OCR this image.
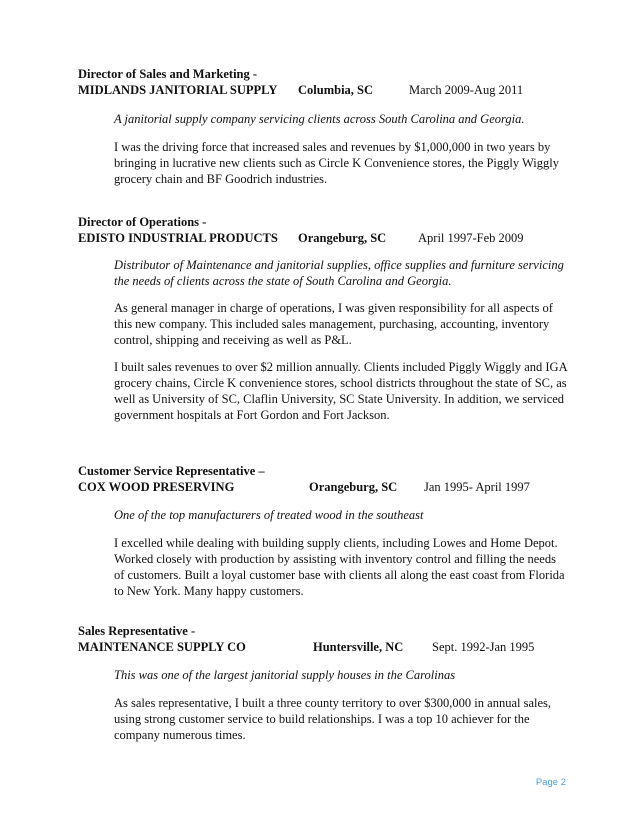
Director of Sales and Marketing -
MIDLANDS JANITORIAL SUPPLY Columbia, SC	March 2009-Aug 2011
A janitorial supply company servicing clients across South Carolina and Georgia.

I was the driving force that increased sales and revenues by $1,000,000 in two years by bringing in lucrative new clients such as Circle K Convenience stores, the Piggly Wiggly grocery chain and BF Goodrich industries.

Director of Operations -
EDISTO INDUSTRIAL PRODUCTS Orangeburg, SC	April 1997-Feb 2009
Distributor of Maintenance and janitorial supplies, office supplies and furniture servicing the needs of clients across the state of South Carolina and Georgia.

As general manager in charge of operations, I was given responsibility for all aspects of this new company. This included sales management, purchasing, accounting, inventory control, shipping and receiving as well as P&L.

I built sales revenues to over $2 million annually. Clients included Piggly Wiggly and IGA grocery chains, Circle K convenience stores, school districts throughout the state of SC, as well as University of SC, Claflin University, SC State University. In addition, we serviced government hospitals at Fort Gordon and Fort Jackson.

Customer Service Representative –
COX WOOD PRESERVING	Orangeburg, SC Jan 1995- April 1997
One of the top manufacturers of treated wood in the southeast

I excelled while dealing with building supply clients, including Lowes and Home Depot. Worked closely with production by assisting with inventory control and filling the needs of customers. Built a loyal customer base with clients all along the east coast from Florida to New York. Many happy customers.

Sales Representative -
MAINTENANCE SUPPLY CO	Huntersville, NC Sept. 1992-Jan 1995
This was one of the largest janitorial supply houses in the Carolinas

As sales representative, I built a three county territory to over $300,000 in annual sales, using strong customer service to build relationships. I was a top 10 achiever for the company numerous times.

Page 2
